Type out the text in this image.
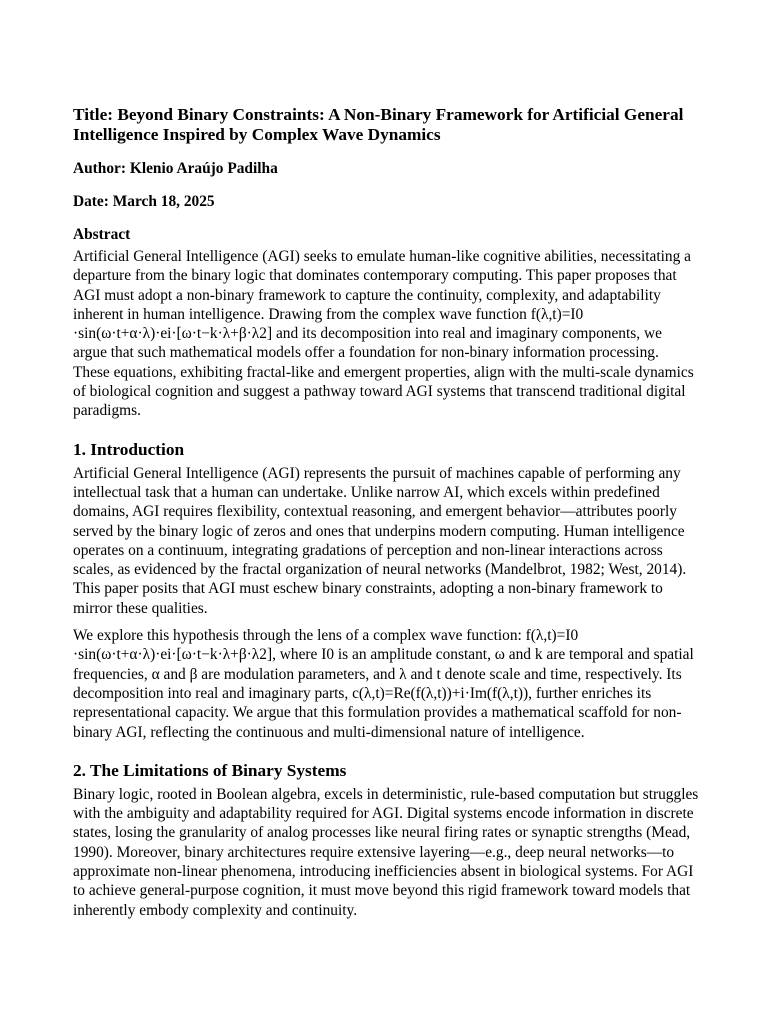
Title: Beyond Binary Constraints: A Non-Binary Framework for Artificial General Intelligence Inspired by Complex Wave Dynamics

Author: Klenio Araújo Padilha

Date: March 18, 2025

Abstract

Artificial General Intelligence (AGI) seeks to emulate human-like cognitive abilities, necessitating a departure from the binary logic that dominates contemporary computing. This paper proposes that AGI must adopt a non-binary framework to capture the continuity, complexity, and adaptability inherent in human intelligence. Drawing from the complex wave function f(λ,t)=I0 ·sin(ω·t+α·λ)·ei·[ω·t−k·λ+β·λ2] and its decomposition into real and imaginary components, we argue that such mathematical models offer a foundation for non-binary information processing. These equations, exhibiting fractal-like and emergent properties, align with the multi-scale dynamics of biological cognition and suggest a pathway toward AGI systems that transcend traditional digital paradigms.

1. Introduction

Artificial General Intelligence (AGI) represents the pursuit of machines capable of performing any intellectual task that a human can undertake. Unlike narrow AI, which excels within predefined domains, AGI requires flexibility, contextual reasoning, and emergent behavior—attributes poorly served by the binary logic of zeros and ones that underpins modern computing. Human intelligence operates on a continuum, integrating gradations of perception and non-linear interactions across scales, as evidenced by the fractal organization of neural networks (Mandelbrot, 1982; West, 2014). This paper posits that AGI must eschew binary constraints, adopting a non-binary framework to mirror these qualities.

We explore this hypothesis through the lens of a complex wave function: f(λ,t)=I0 ·sin(ω·t+α·λ)·ei·[ω·t−k·λ+β·λ2], where I0 is an amplitude constant, ω and k are temporal and spatial frequencies, α and β are modulation parameters, and λ and t denote scale and time, respectively. Its decomposition into real and imaginary parts, c(λ,t)=Re(f(λ,t))+i·Im(f(λ,t)), further enriches its representational capacity. We argue that this formulation provides a mathematical scaffold for non-binary AGI, reflecting the continuous and multi-dimensional nature of intelligence.

2. The Limitations of Binary Systems

Binary logic, rooted in Boolean algebra, excels in deterministic, rule-based computation but struggles with the ambiguity and adaptability required for AGI. Digital systems encode information in discrete states, losing the granularity of analog processes like neural firing rates or synaptic strengths (Mead, 1990). Moreover, binary architectures require extensive layering—e.g., deep neural networks—to approximate non-linear phenomena, introducing inefficiencies absent in biological systems. For AGI to achieve general-purpose cognition, it must move beyond this rigid framework toward models that inherently embody complexity and continuity.
